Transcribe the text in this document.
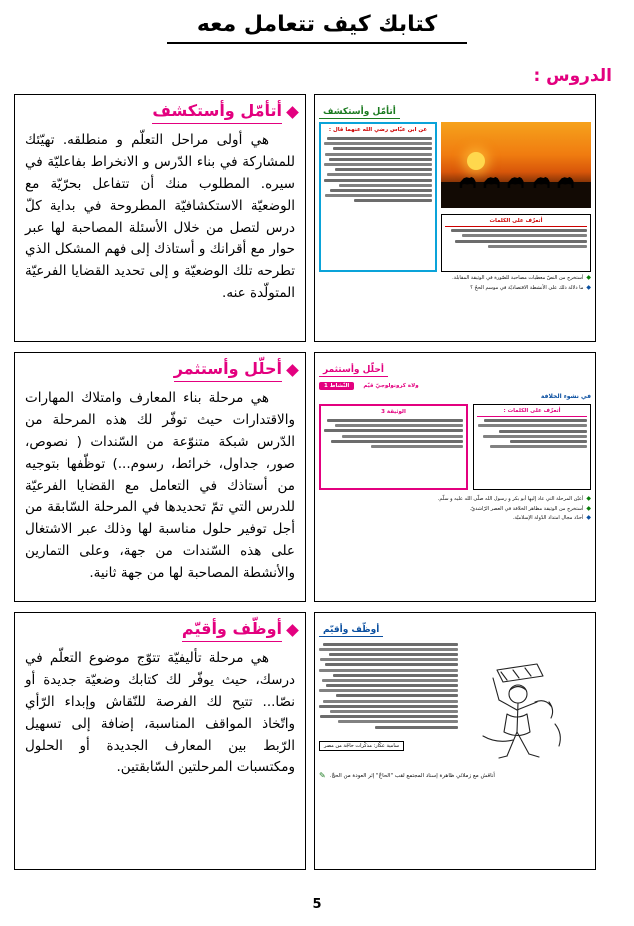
كتابك كيف تتعامل معه
الدروس :
أتأمّل وأستكشف
هي أولى مراحل التعلّم و منطلقه. تهيّئك للمشاركة في بناء الدّرس و الانخراط بفاعليّة في سيره. المطلوب منك أن تتفاعل بحرّيّة مع الوضعيّة الاستكشافيّة المطروحة في بداية كلّ درس لتصل من خلال الأسئلة المصاحبة لها عبر حوار مع أقرانك و أستاذك إلى فهم المشكل الذي تطرحه تلك الوضعيّة و إلى تحديد القضايا الفرعيّة المتولّدة عنه.
أتأمّل وأستكشف
أتعرّف على الكلمات
عن ابن عبّاس رضي الله عنهما قال :
◆
أستخرج من النصّ معطيات مصاحبة للصّورة في الوثيقة المقابلة.
◆
ما دلالة ذلك على الأنشطة الاقتصاديّة في موسم الحجّ ؟
أحلّل وأستثمر
هي مرحلة بناء المعارف وامتلاك المهارات والاقتدارات حيث توفّر لك هذه المرحلة من الدّرس شبكة متنوّعة من السّندات ( نصوص، صور، جداول، خرائط، رسوم...) توظّفها بتوجيه من أستاذك في التعامل مع القضايا الفرعيّة للدرس التي تمّ تحديدها في المرحلة السّابقة من أجل توفير حلول مناسبة لها وذلك عبر الاشتغال على هذه السّندات من جهة، وعلى التمارين والأنشطة المصاحبة لها من جهة ثانية.
أحلّل وأستثمر
النّشاط 1	ولاة كرونولوجيّ قيّم
في نشوء الخلافة
أتعرّف على الكلمات :
الوثيقة 3
◆
أعيّن المرحلة التي عاد إليها أبو بكر و رسول الله صلّى الله عليه و سلّم.
◆
أستخرج من الوثيقة مظاهر الخلافة في العصر الرّاشديّ.
◆
أحدّد مجال امتداد الدّولة الإسلاميّة.
أوظّف وأقيّم
هي مرحلة تأليفيّة تتوّج موضوع التعلّم في درسك، حيث يوفّر لك كتابك وضعيّة جديدة أو نصّا... تتيح لك الفرصة للنّقاش وإبداء الرّأي واتّخاذ المواقف المناسبة، إضافة إلى تسهيل الرّبط بين المعارف الجديدة أو الحلول ومكتسبات المرحلتين السّابقتين.
أوظّف وأقيّم
سامية عكّار: مذكّرات حاجّة من مصر
✎ أناقش مع زملائي ظاهرة إسناد المجتمع لقب "الحاجّ" إثر العودة من الحجّ.
5
